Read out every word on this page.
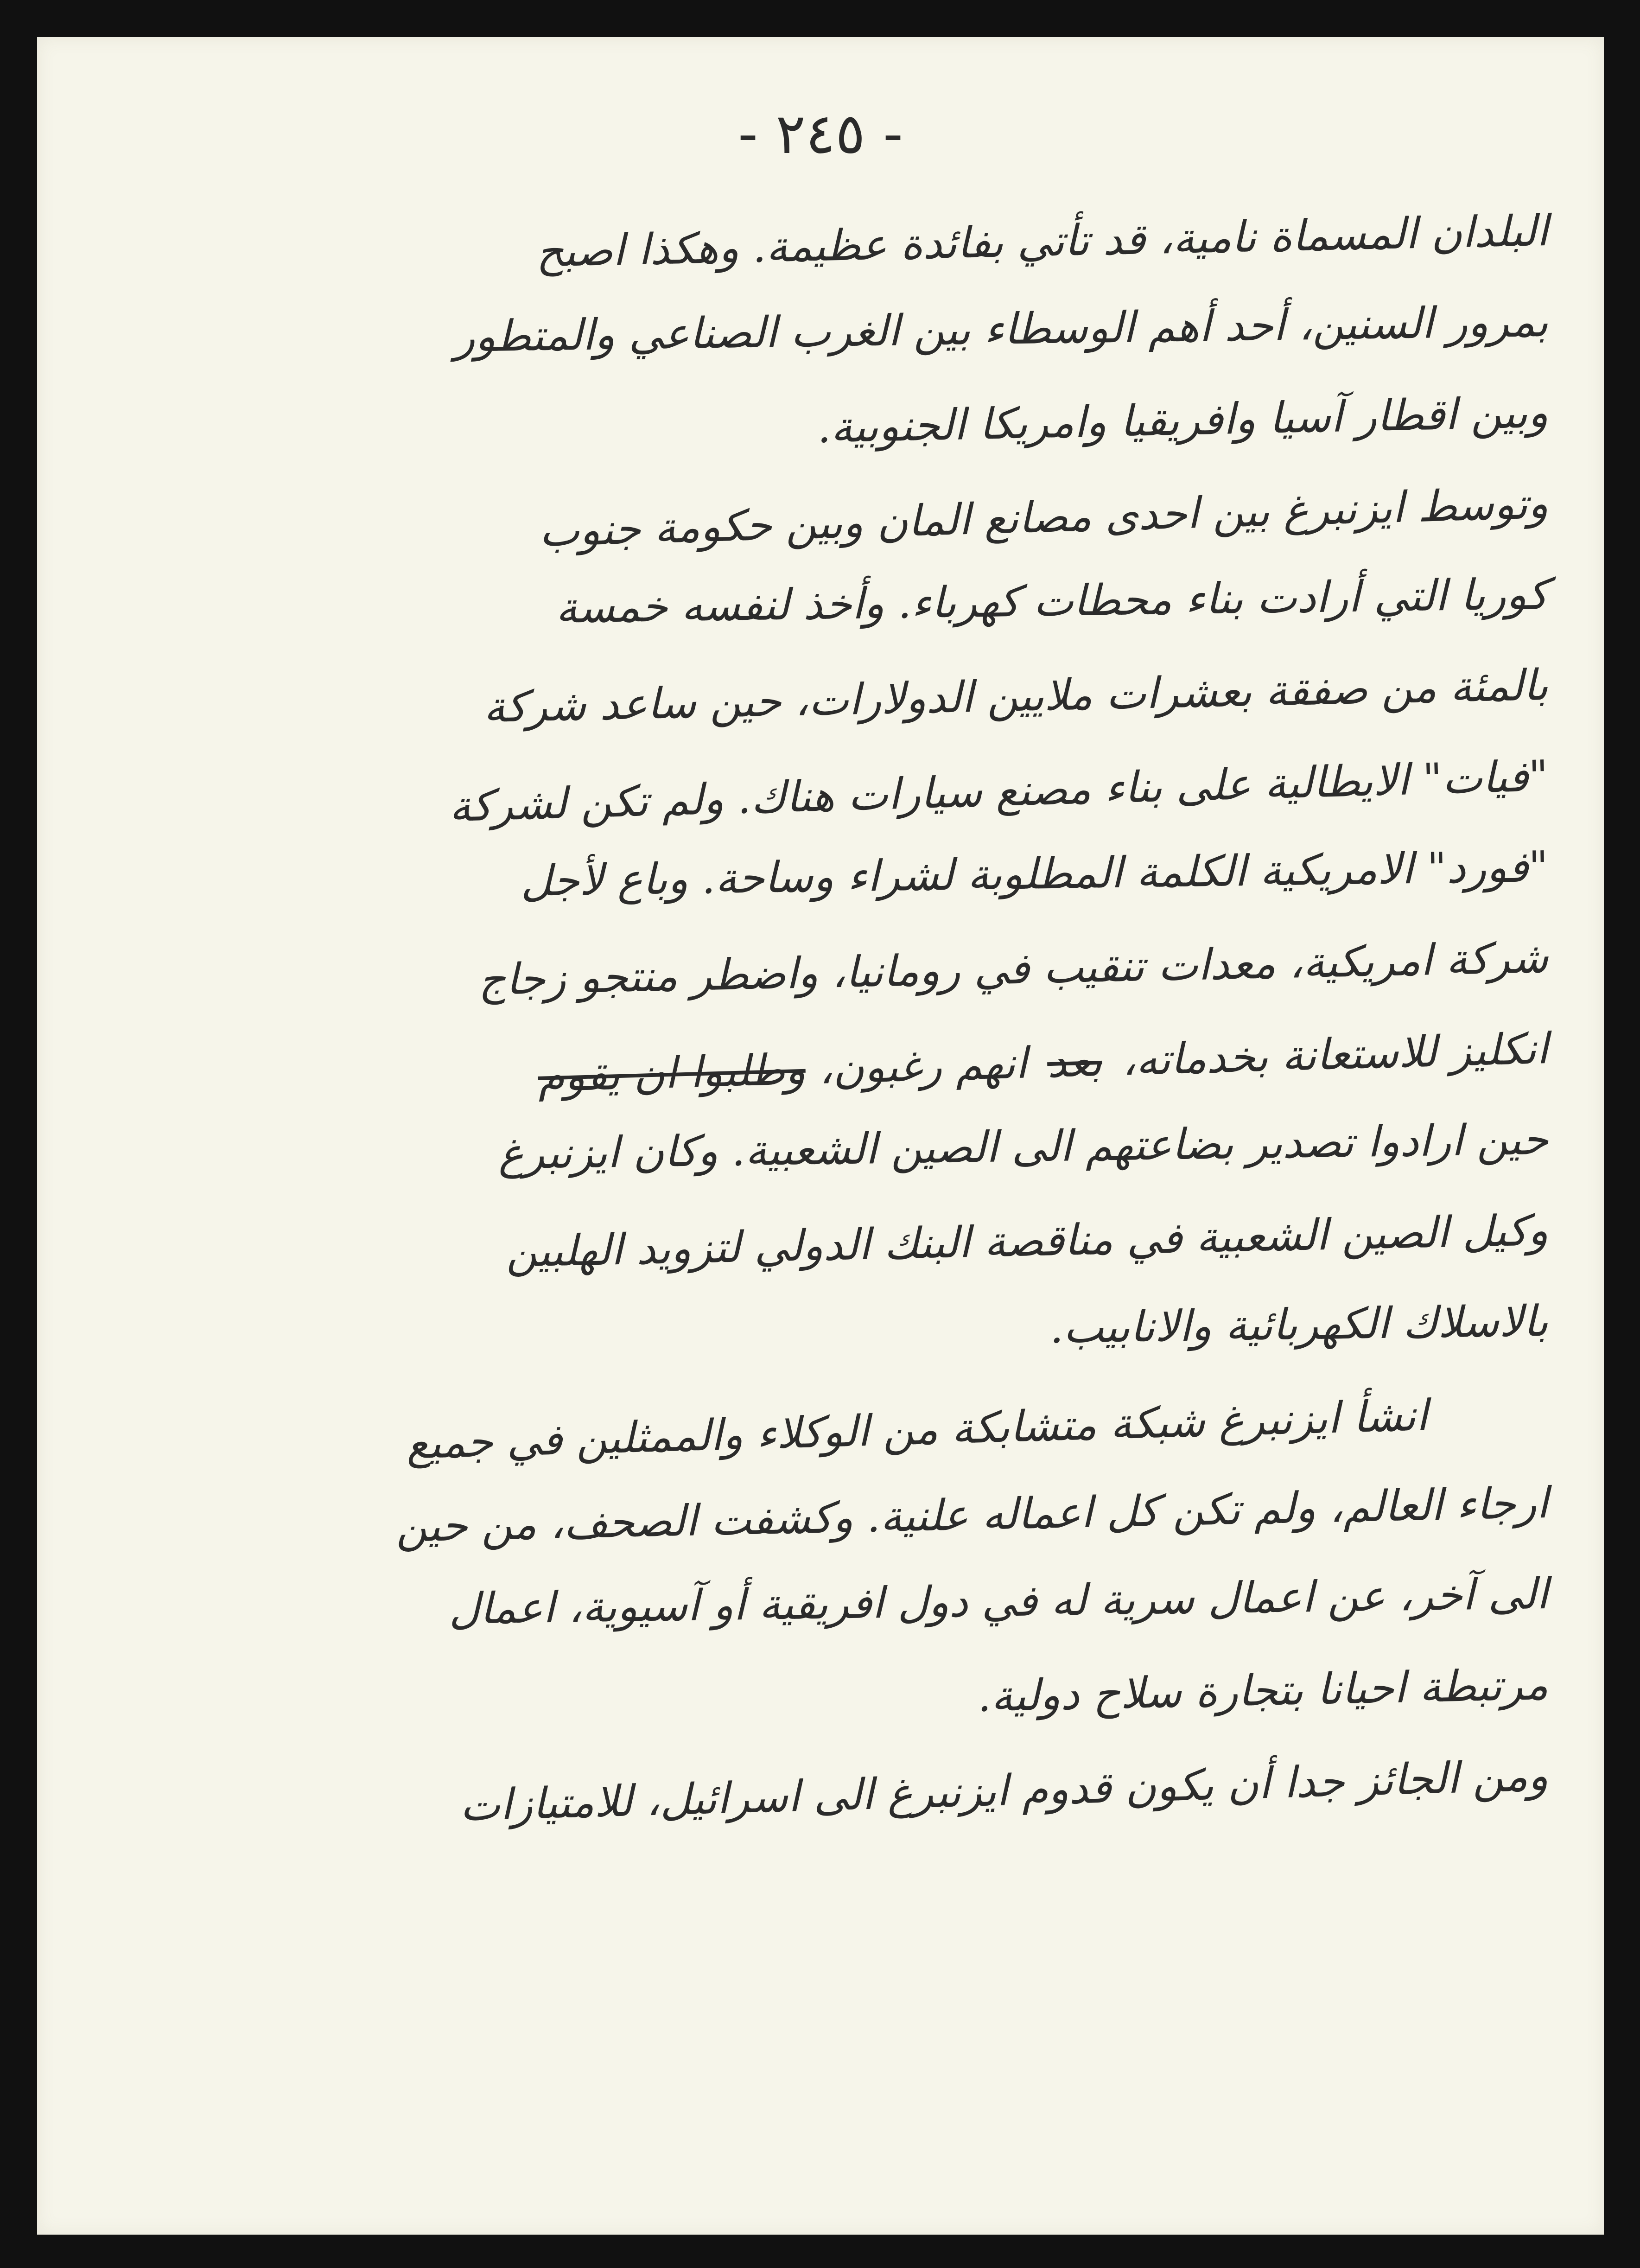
- ٢٤٥ -
البلدان المسماة نامية، قد تأتي بفائدة عظيمة. وهكذا اصبح
بمرور السنين، أحد أهم الوسطاء بين الغرب الصناعي والمتطور
وبين اقطار آسيا وافريقيا وامريكا الجنوبية.
وتوسط ايزنبرغ بين احدى مصانع المان وبين حكومة جنوب
كوريا التي أرادت بناء محطات كهرباء. وأخذ لنفسه خمسة
بالمئة من صفقة بعشرات ملايين الدولارات، حين ساعد شركة
"فيات" الايطالية على بناء مصنع سيارات هناك. ولم تكن لشركة
"فورد" الامريكية الكلمة المطلوبة لشراء وساحة. وباع لأجل
شركة امريكية، معدات تنقيب في رومانيا، واضطر منتجو زجاج
انكليز للاستعانة بخدماته، بعد انهم رغبون، وطلبوا ان يقوم
حين ارادوا تصدير بضاعتهم الى الصين الشعبية. وكان ايزنبرغ
وكيل الصين الشعبية في مناقصة البنك الدولي لتزويد الهلبين
بالاسلاك الكهربائية والانابيب.
انشأ ايزنبرغ شبكة متشابكة من الوكلاء والممثلين في جميع
ارجاء العالم، ولم تكن كل اعماله علنية. وكشفت الصحف، من حين
الى آخر، عن اعمال سرية له في دول افريقية أو آسيوية، اعمال
مرتبطة احيانا بتجارة سلاح دولية.
ومن الجائز جدا أن يكون قدوم ايزنبرغ الى اسرائيل، للامتيازات
